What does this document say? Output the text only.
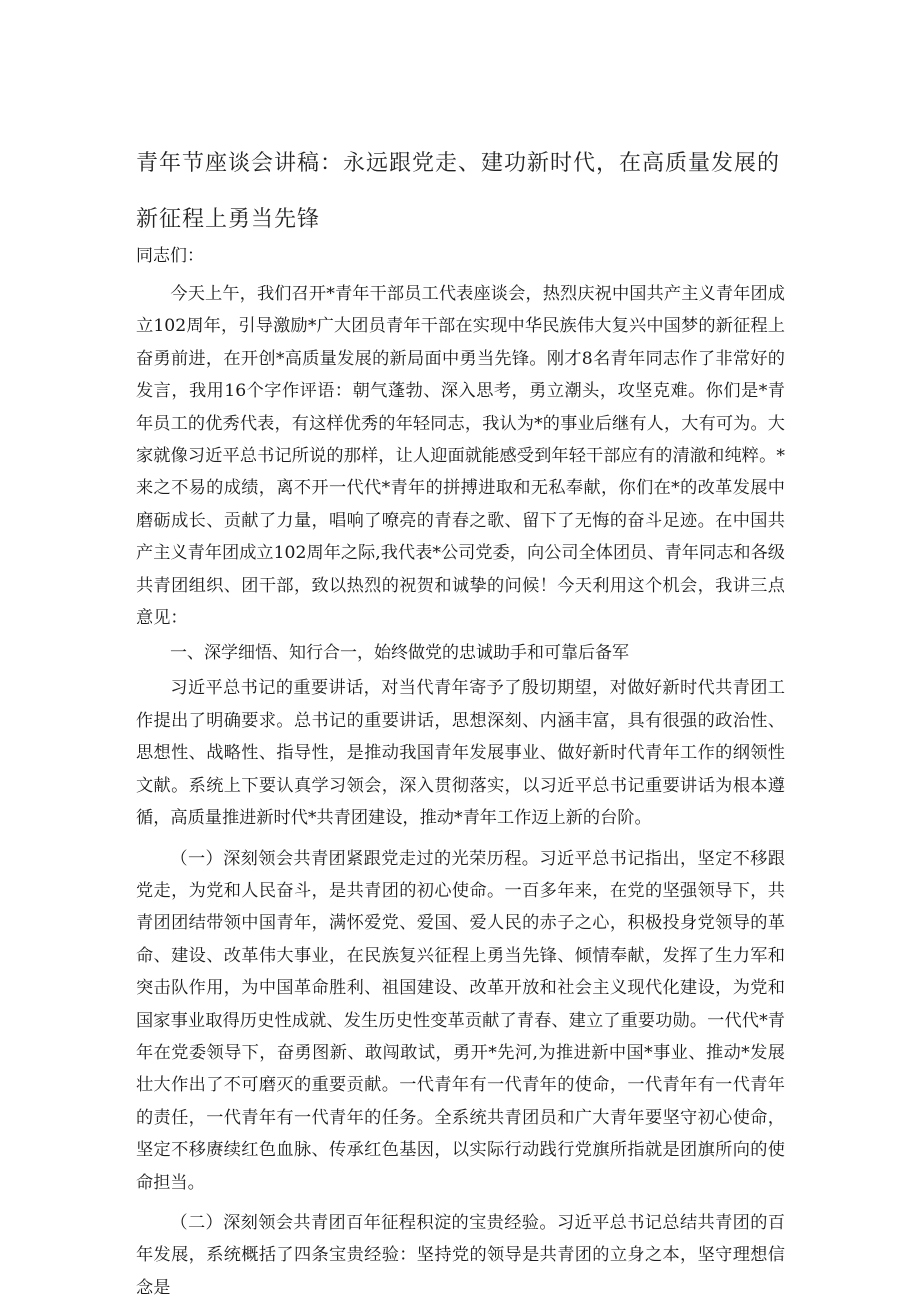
青年节座谈会讲稿：永远跟党走、建功新时代，在高质量发展的新征程上勇当先锋

同志们：

今天上午，我们召开*青年干部员工代表座谈会，热烈庆祝中国共产主义青年团成立102周年，引导激励*广大团员青年干部在实现中华民族伟大复兴中国梦的新征程上奋勇前进，在开创*高质量发展的新局面中勇当先锋。刚才8名青年同志作了非常好的发言，我用16个字作评语：朝气蓬勃、深入思考，勇立潮头，攻坚克难。你们是*青年员工的优秀代表，有这样优秀的年轻同志，我认为*的事业后继有人，大有可为。大家就像习近平总书记所说的那样，让人迎面就能感受到年轻干部应有的清澈和纯粹。*来之不易的成绩，离不开一代代*青年的拼搏进取和无私奉献，你们在*的改革发展中磨砺成长、贡献了力量，唱响了嘹亮的青春之歌、留下了无悔的奋斗足迹。在中国共产主义青年团成立102周年之际,我代表*公司党委，向公司全体团员、青年同志和各级共青团组织、团干部，致以热烈的祝贺和诚挚的问候！今天利用这个机会，我讲三点意见：

一、深学细悟、知行合一，始终做党的忠诚助手和可靠后备军

习近平总书记的重要讲话，对当代青年寄予了殷切期望，对做好新时代共青团工作提出了明确要求。总书记的重要讲话，思想深刻、内涵丰富，具有很强的政治性、思想性、战略性、指导性，是推动我国青年发展事业、做好新时代青年工作的纲领性文献。系统上下要认真学习领会，深入贯彻落实，以习近平总书记重要讲话为根本遵循，高质量推进新时代*共青团建设，推动*青年工作迈上新的台阶。

（一）深刻领会共青团紧跟党走过的光荣历程。习近平总书记指出，坚定不移跟党走，为党和人民奋斗，是共青团的初心使命。一百多年来，在党的坚强领导下，共青团团结带领中国青年，满怀爱党、爱国、爱人民的赤子之心，积极投身党领导的革命、建设、改革伟大事业，在民族复兴征程上勇当先锋、倾情奉献，发挥了生力军和突击队作用，为中国革命胜利、祖国建设、改革开放和社会主义现代化建设，为党和国家事业取得历史性成就、发生历史性变革贡献了青春、建立了重要功勋。一代代*青年在党委领导下，奋勇图新、敢闯敢试，勇开*先河,为推进新中国*事业、推动*发展壮大作出了不可磨灭的重要贡献。一代青年有一代青年的使命，一代青年有一代青年的责任，一代青年有一代青年的任务。全系统共青团员和广大青年要坚守初心使命，坚定不移赓续红色血脉、传承红色基因，以实际行动践行党旗所指就是团旗所向的使命担当。

（二）深刻领会共青团百年征程积淀的宝贵经验。习近平总书记总结共青团的百年发展，系统概括了四条宝贵经验：坚持党的领导是共青团的立身之本，坚守理想信念是
